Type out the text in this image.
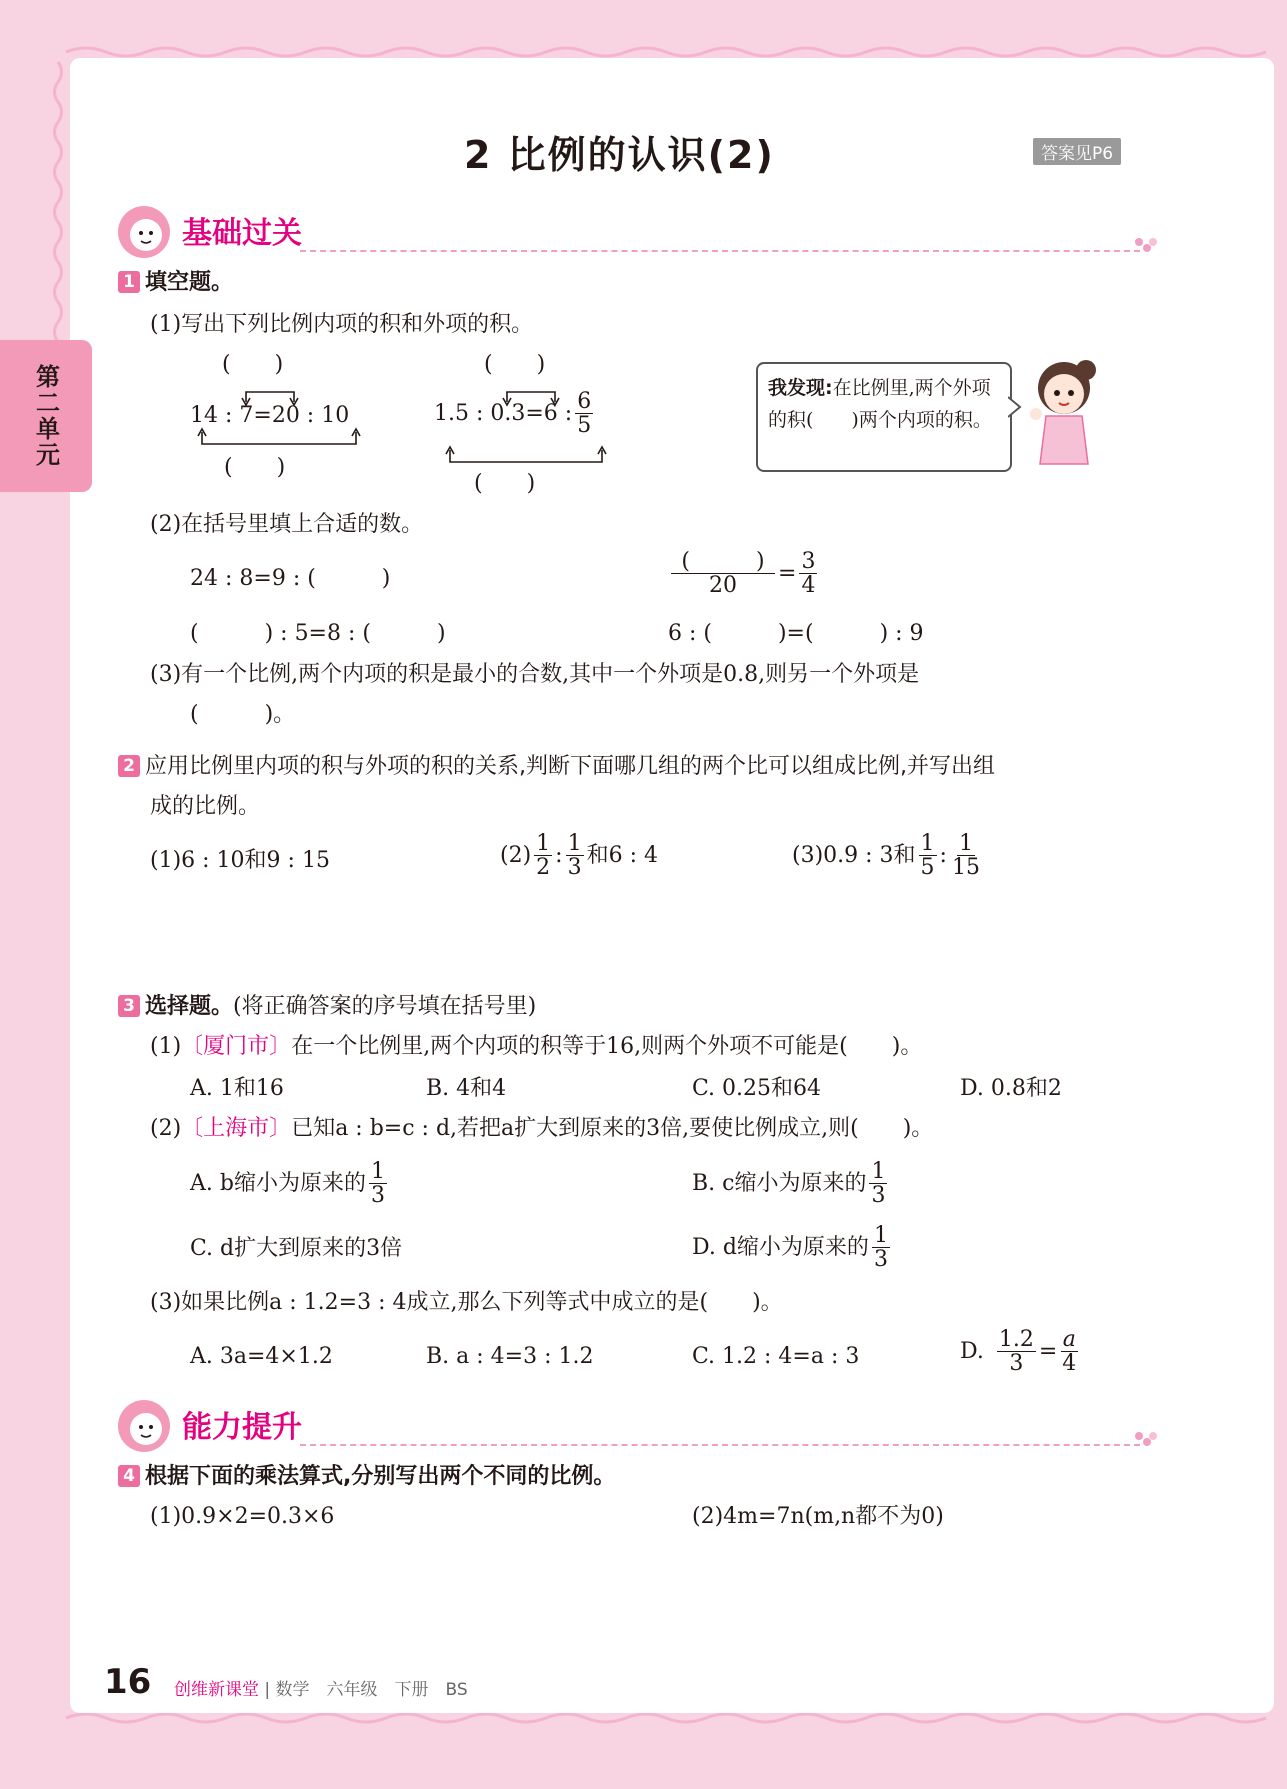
第二单元
2 比例的认识(2)	答案见P6
基础过关
1 填空题。
(1)写出下列比例内项的积和外项的积。
(　　)
14 : 7=20 : 10
(　　)
(　　)
1.5 : 0.3=6 : $\frac{6}{5}$
(　　)
我发现:在比例里,两个外项的积(　　)两个内项的积。
(2)在括号里填上合适的数。
24 : 8=9 : (　　　)	$\frac{( )}{20} = \frac{3}{4}$
(　　　) : 5=8 : (　　　)	6 : (　　　)=(　　　) : 9
(3)有一个比例,两个内项的积是最小的合数,其中一个外项是0.8,则另一个外项是
(　　　)。
2 应用比例里内项的积与外项的积的关系,判断下面哪几组的两个比可以组成比例,并写出组
成的比例。
(1)6 : 10和9 : 15	$(2) \frac{1}{2}$ : $\frac{1}{3}$ 和6 : 4	(3)0.9 : 3和 $\frac{1}{5}$ : $\frac{1}{15}$
3 选择题。(将正确答案的序号填在括号里)
(1)〔厦门市〕在一个比例里,两个内项的积等于16,则两个外项不可能是(　　)。
A. 1和16	B. 4和4	C. 0.25和64	D. 0.8和2
(2)〔上海市〕已知a : b=c : d,若把a扩大到原来的3倍,要使比例成立,则(　　)。
A. b缩小为原来的 $\frac{1}{3}$	B. c缩小为原来的 $\frac{1}{3}$
C. d扩大到原来的3倍	D. d缩小为原来的 $\frac{1}{3}$
(3)如果比例a : 1.2=3 : 4成立,那么下列等式中成立的是(　　)。
A. 3a=4×1.2	B. a : 4=3 : 1.2	C. 1.2 : 4=a : 3	D. $\frac{1.2}{3} = \frac{a}{4}$
能力提升
4 根据下面的乘法算式,分别写出两个不同的比例。
(1)0.9×2=0.3×6	(2)4m=7n(m,n都不为0)
16 创维新课堂 | 数学　 六年级　 下册　 BS
